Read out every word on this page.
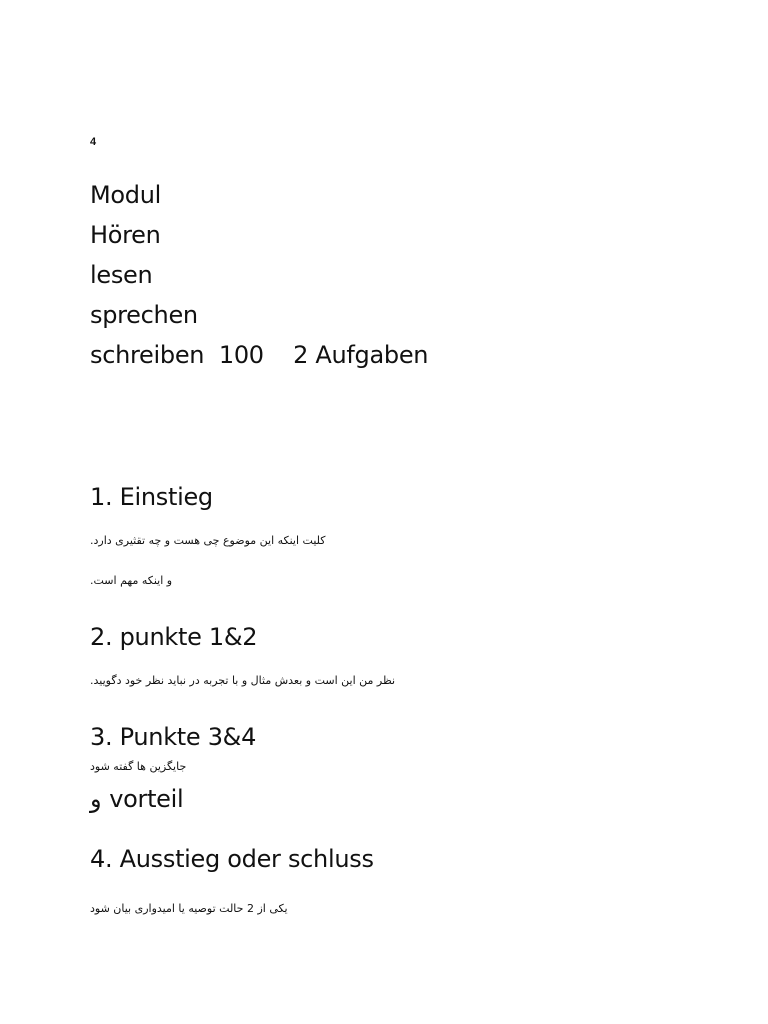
4
Modul
Hören
lesen
sprechen
schreiben  100    2 Aufgaben
1. Einstieg
.کلیت اینکه این موضوع چی هست و چه تقثیری دارد
.و اینکه مهم است
2. punkte 1&2
.نظر من این است و بعدش مثال و با تجربه در نباید نظر خود دگویید
3. Punkte 3&4
جایگزین ها گفته شود
و vorteil
4. Ausstieg oder schluss
یکی از 2 حالت توصیه یا امیدواری بیان شود
